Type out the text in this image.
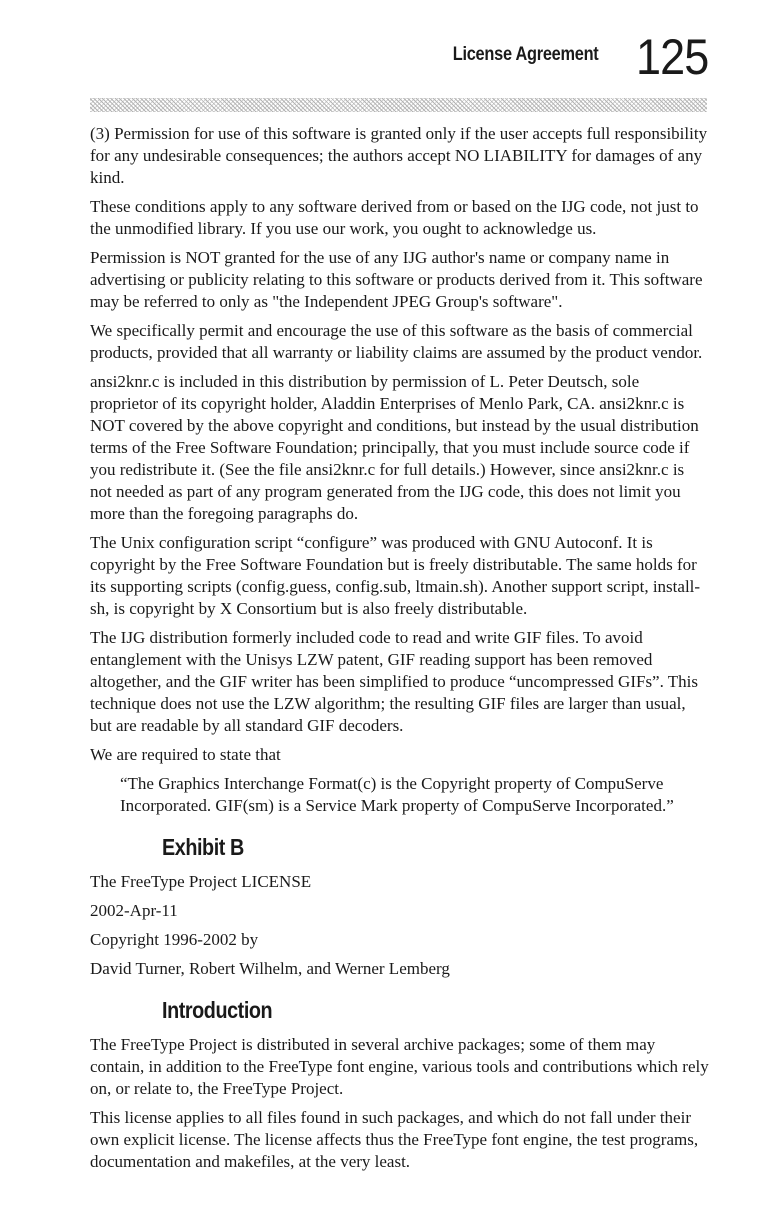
License Agreement 125

(3) Permission for use of this software is granted only if the user accepts full responsibility for any undesirable consequences; the authors accept NO LIABILITY for damages of any kind.

These conditions apply to any software derived from or based on the IJG code, not just to the unmodified library. If you use our work, you ought to acknowledge us.

Permission is NOT granted for the use of any IJG author's name or company name in advertising or publicity relating to this software or products derived from it. This software may be referred to only as "the Independent JPEG Group's software".

We specifically permit and encourage the use of this software as the basis of commercial products, provided that all warranty or liability claims are assumed by the product vendor.

ansi2knr.c is included in this distribution by permission of L. Peter Deutsch, sole proprietor of its copyright holder, Aladdin Enterprises of Menlo Park, CA. ansi2knr.c is NOT covered by the above copyright and conditions, but instead by the usual distribution terms of the Free Software Foundation; principally, that you must include source code if you redistribute it. (See the file ansi2knr.c for full details.) However, since ansi2knr.c is not needed as part of any program generated from the IJG code, this does not limit you more than the foregoing paragraphs do.

The Unix configuration script “configure” was produced with GNU Autoconf. It is copyright by the Free Software Foundation but is freely distributable. The same holds for its supporting scripts (config.guess, config.sub, ltmain.sh). Another support script, install-sh, is copyright by X Consortium but is also freely distributable.

The IJG distribution formerly included code to read and write GIF files. To avoid entanglement with the Unisys LZW patent, GIF reading support has been removed altogether, and the GIF writer has been simplified to produce “uncompressed GIFs”. This technique does not use the LZW algorithm; the resulting GIF files are larger than usual, but are readable by all standard GIF decoders.

We are required to state that

“The Graphics Interchange Format(c) is the Copyright property of CompuServe Incorporated. GIF(sm) is a Service Mark property of CompuServe Incorporated.”

Exhibit B

The FreeType Project LICENSE

2002-Apr-11

Copyright 1996-2002 by

David Turner, Robert Wilhelm, and Werner Lemberg

Introduction

The FreeType Project is distributed in several archive packages; some of them may contain, in addition to the FreeType font engine, various tools and contributions which rely on, or relate to, the FreeType Project.

This license applies to all files found in such packages, and which do not fall under their own explicit license. The license affects thus the FreeType font engine, the test programs, documentation and makefiles, at the very least.
